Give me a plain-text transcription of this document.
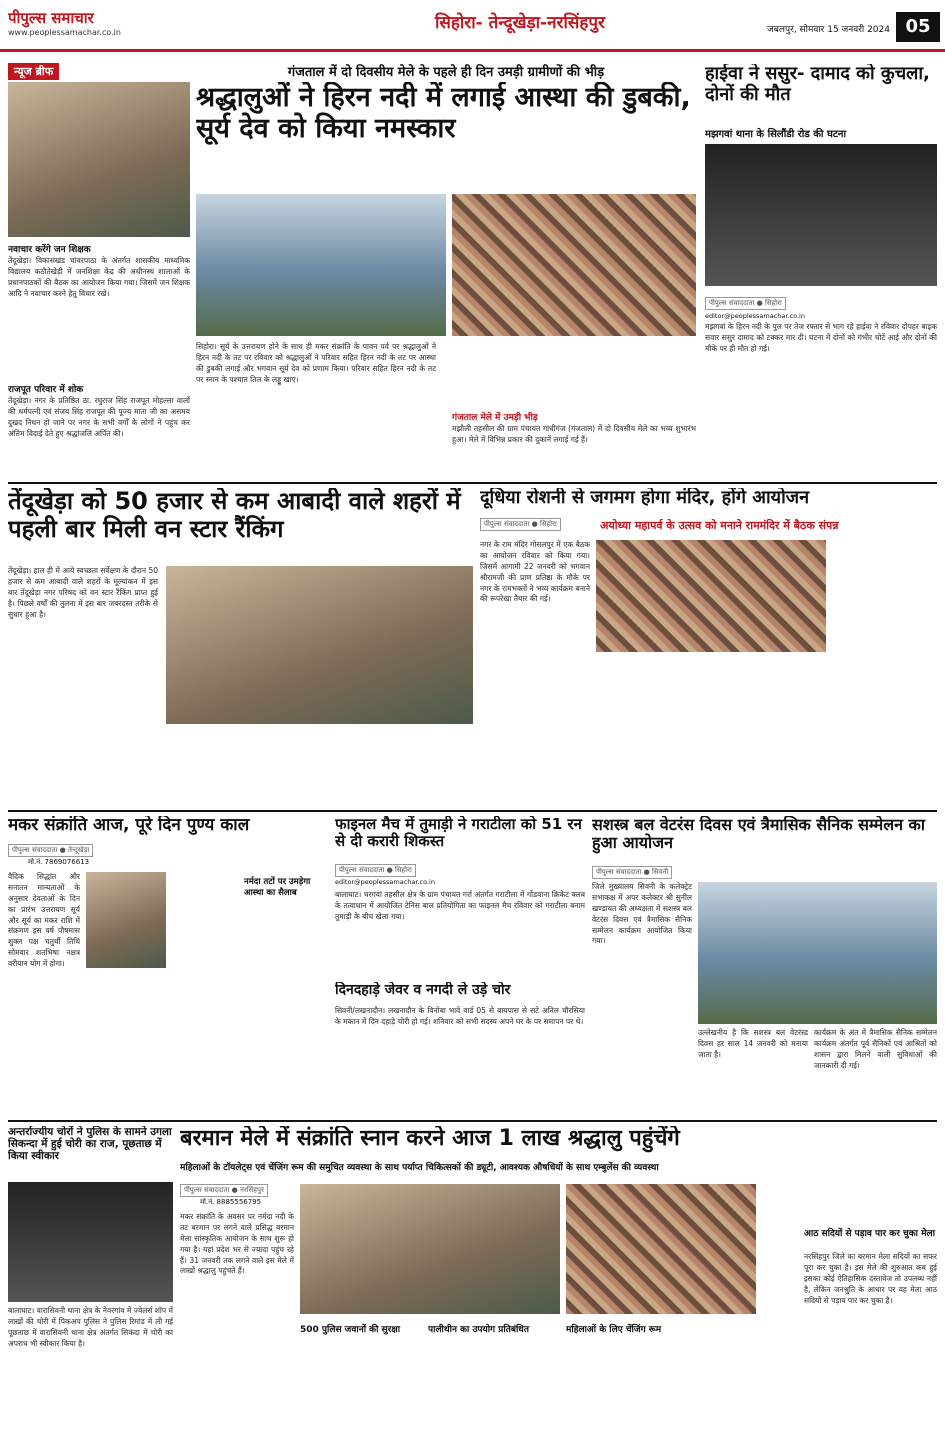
पीपुल्स समाचार
www.peoplessamachar.co.in	सिहोरा- तेन्दूखेड़ा-नरसिंहपुर	जबलपुर, सोमवार 15 जनवरी 2024 05
न्यूज ब्रीफ
नवाचार करेंगे जन शिक्षक
तेंदूखेड़ा। विकासखंड चांवरपाठा के अंतर्गत शासकीय माध्यमिक विद्यालय कठौतेखेड़ी में जनशिक्षा केंद्र की अधीनस्थ शालाओं के प्रधानपाठकों की बैठक का आयोजन किया गया। जिसमें जन शिक्षक आदि ने नवाचार करने हेतु विचार रखे।
राजपूत परिवार में शोक
तेंदूखेड़ा। नगर के प्रतिष्ठित ठा. रघुराज सिंह राजपूत मोहल्ला वालों की धर्मपत्नी एवं संजय सिंह राजपूत की पूज्य माता जी का असमय दुखद निधन हो जाने पर नगर के सभी वर्गों के लोगों ने पहुंच कर अंतिम विदाई देते हुए श्रद्धांजलि अर्पित की।
गंजताल में दो दिवसीय मेले के पहले ही दिन उमड़ी ग्रामीणों की भीड़
श्रद्धालुओं ने हिरन नदी में लगाई आस्था की डुबकी, सूर्य देव को किया नमस्कार
सिहोरा। सूर्य के उत्तरायण होने के साथ ही मकर संक्रांति के पावन पर्व पर श्रद्धालुओं ने हिरन नदी के तट पर रविवार को श्रद्धालुओं ने परिवार सहित हिरन नदी के तट पर आस्था की डुबकी लगाई और भगवान सूर्य देव को प्रणाम किया। परिवार सहित हिरन नदी के तट पर स्नान के पश्चात तिल के लड्डू खाए।
गंजताल मेले में उमड़ी भीड़
मझौली तहसील की ग्राम पंचायत गांधीगंज (गंजताल) में दो दिवसीय मेले का भव्य शुभारंभ हुआ। मेले में विभिन्न प्रकार की दुकानें लगाई गई हैं।
हाईवा ने ससुर- दामाद को कुचला, दोनों की मौत
मझगवां थाना के सिलौंडी रोड की घटना
पीपुल्स संवाददाता ● सिहोरा
editor@peoplessamachar.co.in
मझगवां के हिरन नदी के पुल पर तेज रफ्तार से भाग रहे हाईवा ने रविवार दोपहर बाइक सवार ससुर दामाद को टक्कर मार दी। घटना में दोनों को गंभीर चोटें आई और दोनों की मौके पर ही मौत हो गई।
तेंदूखेड़ा को 50 हजार से कम आबादी वाले शहरों में पहली बार मिली वन स्टार रैंकिंग
तेंदूखेड़ा। हाल ही में आये स्वच्छता सर्वेक्षण के दौरान 50 हजार से कम आबादी वाले शहरों के मूल्यांकन में इस बार तेंदूखेड़ा नगर परिषद को वन स्टार रैंकिंग प्राप्त हुई है। पिछले वर्षों की तुलना में इस बार जबरदस्त तरीके से सुधार हुआ है।
दूधिया रोशनी से जगमग होगा मंदिर, होंगे आयोजन
पीपुल्स संवाददाता ● सिहोरा	अयोध्या महापर्व के उत्सव को मनाने राममंदिर में बैठक संपन्न
नगर के राम मंदिर गोसलपुर में एक बैठक का आयोजन रविवार को किया गया। जिसमें आगामी 22 जनवरी को भगवान श्रीरामजी की प्राण प्रतिष्ठा के मौके पर नगर के रामभक्तों ने भव्य कार्यक्रम बनाने की रूपरेखा तैयार की गई।
मकर संक्रांति आज, पूरे दिन पुण्य काल
पीपुल्स संवाददाता ● तेन्दूखेड़ा
मो.नं. 7869076613
वैदिक सिद्धांत और सनातन मान्यताओं के अनुसार देवताओं के दिन का प्रारंभ उत्तरायण सूर्य और सूर्य का मकर राशि में संक्रमण इस वर्ष पौषमास शुक्ल पक्ष चतुर्थी तिथि सोमवार शतभिषा नक्षत्र वरीयान योग में होगा।
नर्मदा तटों पर उमड़ेगा आस्था का सैलाब
फाइनल मैच में तुमाड़ी ने गराटीला को 51 रन से दी करारी शिकस्त
पीपुल्स संवाददाता ● सिहोरा
editor@peoplessamachar.co.in
बालाघाट। चरगवां तहसील क्षेत्र के ग्राम पंचायत गर्रा अंतर्गत गराटीला में गोंडवाना क्रिकेट क्लब के तत्वाधान में आयोजित टेनिस बाल प्रतियोगिता का फाइनल मैच रविवार को गराटीला बनाम तुमाड़ी के बीच खेला गया।
दिनदहाड़े जेवर व नगदी ले उड़े चोर
सिवनी/लखनादौन। लखनादौन के विनोबा भावे वार्ड 05 से बायपास से सटे अनिल चौरसिया के मकान में दिन दहाड़े चोरी हो गई। शनिवार को सभी सदस्य अपने घर के पर समापन पर थे।
सशस्त्र बल वेटरंस दिवस एवं त्रैमासिक सैनिक सम्मेलन का हुआ आयोजन
पीपुल्स संवाददाता ● सिवनी
जिले मुख्यालय सिवनी के कलेक्ट्रेट सभाकक्ष में अपर कलेक्टर श्री सुनील खण्डायत की अध्यक्षता में सशस्त्र बल वेटरंस दिवस एवं त्रैमासिक सैनिक सम्मेलन कार्यक्रम आयोजित किया गया।
उल्लेखनीय है कि सशस्त्र बल वेटरंस्ड दिवस हर साल 14 जनवरी को मनाया जाता है।
कार्यक्रम के अंत में त्रैमासिक सैनिक सम्मेलन कार्यक्रम अंतर्गत पूर्व सैनिकों एवं आश्रितों को शासन द्वारा मिलने वाली सुविधाओं की जानकारी दी गई।
अन्तर्राज्यीय चोरों ने पुलिस के सामने उगला सिकन्दा में हुई चोरी का राज, पूछताछ में किया स्वीकार
बालाघाट। वारासिवनी थाना क्षेत्र के नेवरगांव में ज्वेलर्स शॉप में लाखों की चोरी में पिकअप पुलिस ने पुलिस रिमांड में ली गई पूछताछ में वारासिवनी थाना क्षेत्र अंतर्गत सिकंदा में चोरी का अपराध भी स्वीकार किया है।
बरमान मेले में संक्रांति स्नान करने आज 1 लाख श्रद्धालु पहुंचेंगे
महिलाओं के टॉयलेट्स एवं चेंजिंग रूम की समुचित व्यवस्था के साथ पर्याप्त चिकित्सकों की ड्यूटी, आवश्यक औषधियों के साथ एम्बुलेंस की व्यवस्था
पीपुल्स संवाददाता ● नरसिंहपुर
मो.नं. 8885556795
मकर संक्रांति के अवसर पर नर्मदा नदी के तट बरमान पर लगने वाले प्रसिद्ध बरमान मेला सांस्कृतिक आयोजन के साथ शुरू हो गया है। यहां प्रदेश भर से ज्यादा पहुंच रहे हैं। 31 जनवरी तक लगने वाले इस मेले में लाखों श्रद्धालु पहुंचते हैं।
500 पुलिस जवानों की सुरक्षा	पालीथीन का उपयोग प्रतिबंधित	महिलाओं के लिए चेंजिंग रूम
आठ सदियों से पड़ाव पार कर चुका मेला
नरसिंहपुर जिले का बरमान मेला सदियों का सफर पूरा कर चुका है। इस मेले की शुरुआत कब हुई इसका कोई ऐतिहासिक दस्तावेज तो उपलब्ध नहीं है, लेकिन जनश्रुति के आधार पर यह मेला आठ सदियों से पड़ाव पार कर चुका है।
